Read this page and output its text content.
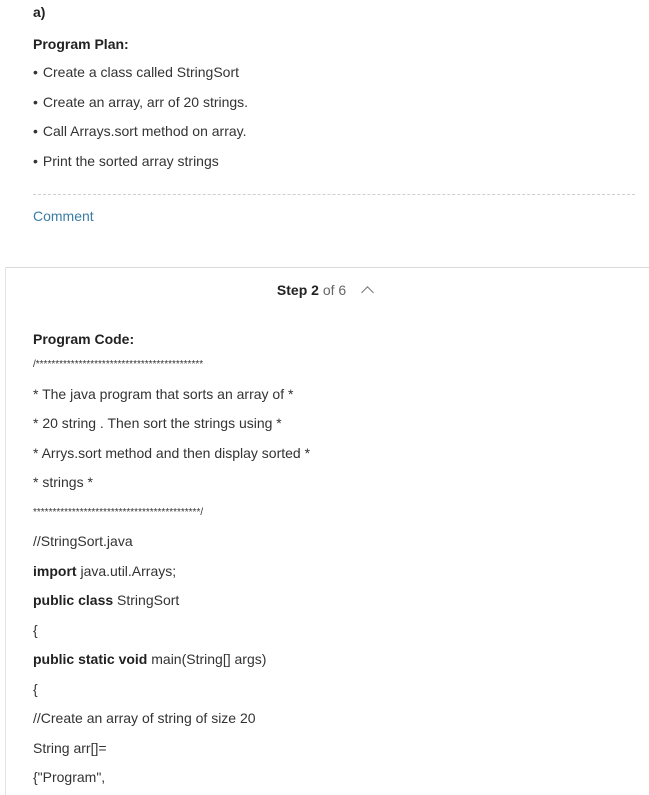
a)
Program Plan:
• Create a class called StringSort
• Create an array, arr of 20 strings.
• Call Arrays.sort method on array.
• Print the sorted array strings
Comment
Step 2 of 6
Program Code:
/*******************************************
* The java program that sorts an array of *
* 20 string . Then sort the strings using *
* Arrys.sort method and then display sorted *
* strings *
*******************************************/
//StringSort.java
import java.util.Arrays;
public class StringSort
{
public static void main(String[] args)
{
//Create an array of string of size 20
String arr[]=
{"Program",
